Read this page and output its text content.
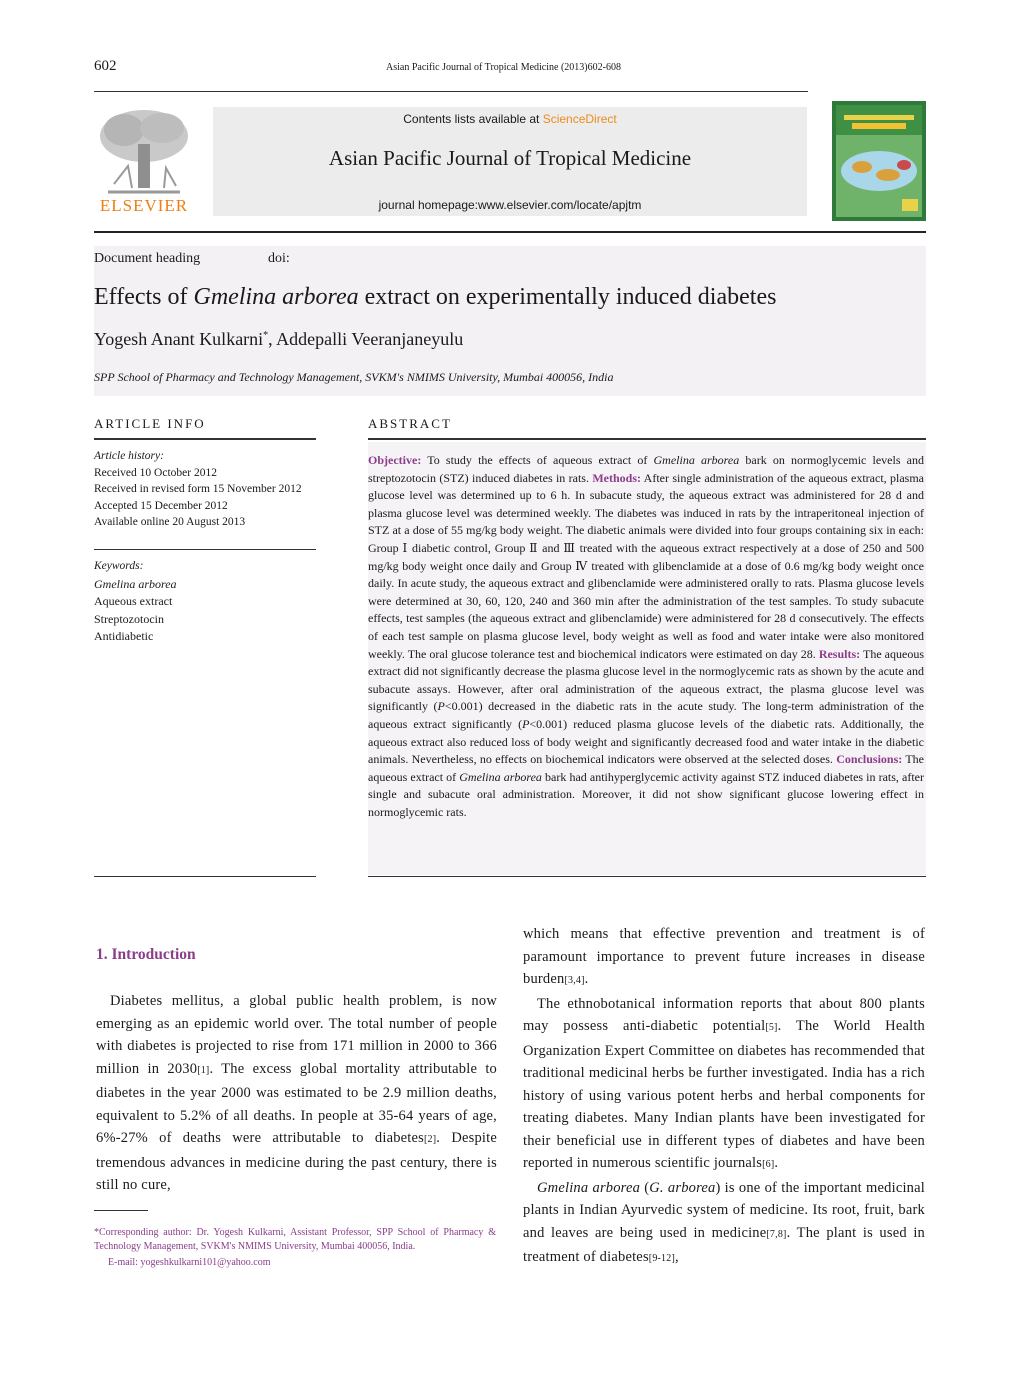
602	Asian Pacific Journal of Tropical Medicine (2013)602-608
ELSEVIER
Contents lists available at ScienceDirect
Asian Pacific Journal of Tropical Medicine
journal homepage:www.elsevier.com/locate/apjtm
Document heading	doi:
Effects of Gmelina arborea extract on experimentally induced diabetes
Yogesh Anant Kulkarni*, Addepalli Veeranjaneyulu
SPP School of Pharmacy and Technology Management, SVKM's NMIMS University, Mumbai 400056, India
ARTICLE INFO
Article history:
Received 10 October 2012
Received in revised form 15 November 2012
Accepted 15 December 2012
Available online 20 August 2013
Keywords:
Gmelina arborea
Aqueous extract
Streptozotocin
Antidiabetic
ABSTRACT
Objective: To study the effects of aqueous extract of Gmelina arborea bark on normoglycemic levels and streptozotocin (STZ) induced diabetes in rats. Methods: After single administration of the aqueous extract, plasma glucose level was determined up to 6 h. In subacute study, the aqueous extract was administered for 28 d and plasma glucose level was determined weekly. The diabetes was induced in rats by the intraperitoneal injection of STZ at a dose of 55 mg/kg body weight. The diabetic animals were divided into four groups containing six in each: Group Ⅰ diabetic control, Group Ⅱ and Ⅲ treated with the aqueous extract respectively at a dose of 250 and 500 mg/kg body weight once daily and Group Ⅳ treated with glibenclamide at a dose of 0.6 mg/kg body weight once daily. In acute study, the aqueous extract and glibenclamide were administered orally to rats. Plasma glucose levels were determined at 30, 60, 120, 240 and 360 min after the administration of the test samples. To study subacute effects, test samples (the aqueous extract and glibenclamide) were administered for 28 d consecutively. The effects of each test sample on plasma glucose level, body weight as well as food and water intake were also monitored weekly. The oral glucose tolerance test and biochemical indicators were estimated on day 28. Results: The aqueous extract did not significantly decrease the plasma glucose level in the normoglycemic rats as shown by the acute and subacute assays. However, after oral administration of the aqueous extract, the plasma glucose level was significantly (P<0.001) decreased in the diabetic rats in the acute study. The long-term administration of the aqueous extract significantly (P<0.001) reduced plasma glucose levels of the diabetic rats. Additionally, the aqueous extract also reduced loss of body weight and significantly decreased food and water intake in the diabetic animals. Nevertheless, no effects on biochemical indicators were observed at the selected doses. Conclusions: The aqueous extract of Gmelina arborea bark had antihyperglycemic activity against STZ induced diabetes in rats, after single and subacute oral administration. Moreover, it did not show significant glucose lowering effect in normoglycemic rats.
1. Introduction

Diabetes mellitus, a global public health problem, is now emerging as an epidemic world over. The total number of people with diabetes is projected to rise from 171 million in 2000 to 366 million in 2030[1]. The excess global mortality attributable to diabetes in the year 2000 was estimated to be 2.9 million deaths, equivalent to 5.2% of all deaths. In people at 35-64 years of age, 6%-27% of deaths were attributable to diabetes[2]. Despite tremendous advances in medicine during the past century, there is still no cure,

*Corresponding author: Dr. Yogesh Kulkarni, Assistant Professor, SPP School of Pharmacy & Technology Management, SVKM's NMIMS University, Mumbai 400056, India.
E-mail: yogeshkulkarni101@yahoo.com

which means that effective prevention and treatment is of paramount importance to prevent future increases in disease burden[3,4].

The ethnobotanical information reports that about 800 plants may possess anti-diabetic potential[5]. The World Health Organization Expert Committee on diabetes has recommended that traditional medicinal herbs be further investigated. India has a rich history of using various potent herbs and herbal components for treating diabetes. Many Indian plants have been investigated for their beneficial use in different types of diabetes and have been reported in numerous scientific journals[6].

Gmelina arborea (G. arborea) is one of the important medicinal plants in Indian Ayurvedic system of medicine. Its root, fruit, bark and leaves are being used in medicine[7,8]. The plant is used in treatment of diabetes[9-12],
